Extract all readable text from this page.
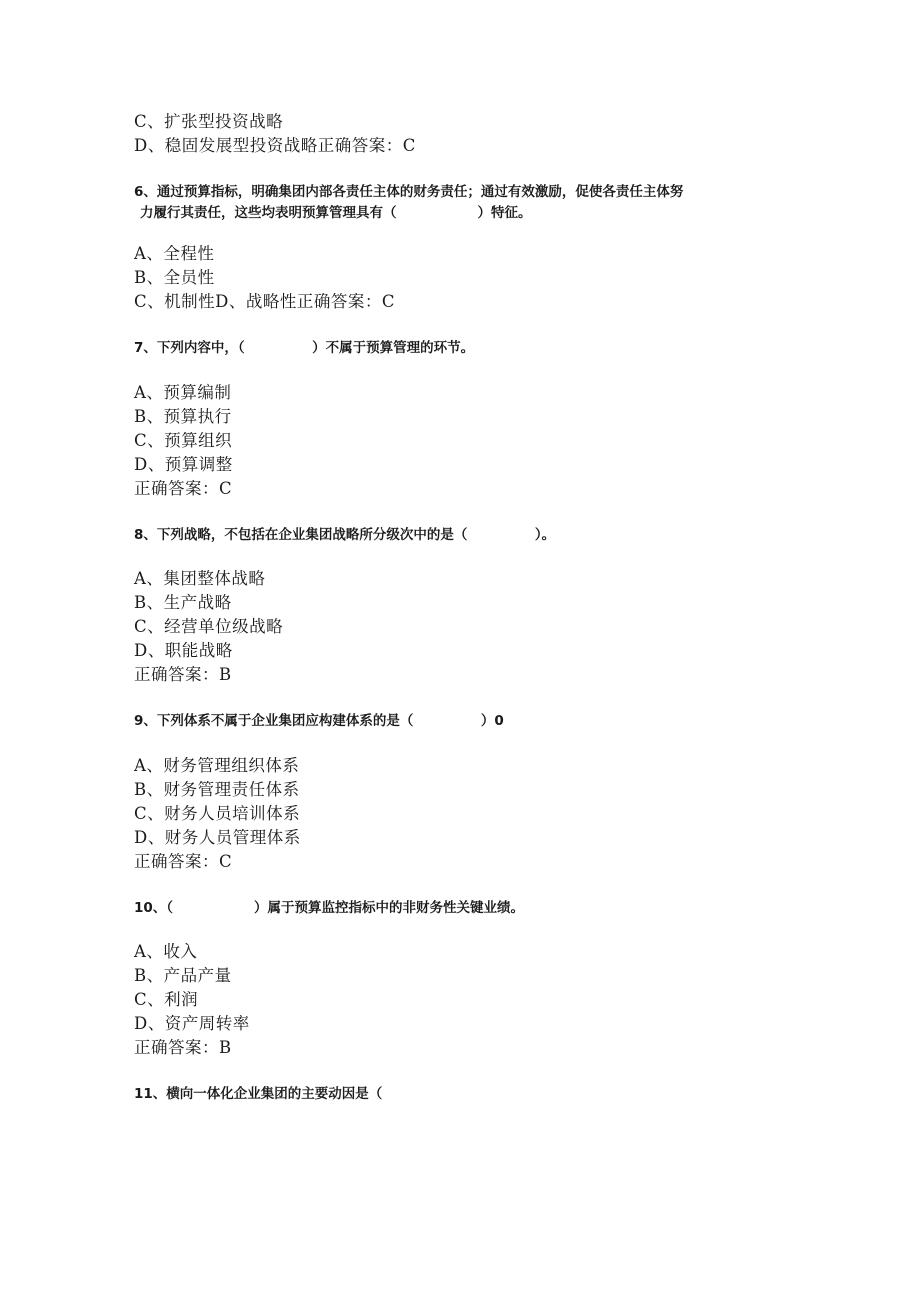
C、扩张型投资战略
D、稳固发展型投资战略正确答案：C
6、通过预算指标，明确集团内部各责任主体的财务责任；通过有效激励，促使各责任主体努
力履行其责任，这些均表明预算管理具有（　　　　　　）特征。
A、全程性
B、全员性
C、机制性D、战略性正确答案：C
7、下列内容中，（　　　　　）不属于预算管理的环节。
A、预算编制
B、预算执行
C、预算组织
D、预算调整
正确答案：C
8、下列战略，不包括在企业集团战略所分级次中的是（　　　　　）。
A、集团整体战略
B、生产战略
C、经营单位级战略
D、职能战略
正确答案：B
9、下列体系不属于企业集团应构建体系的是（　　　　　）0
A、财务管理组织体系
B、财务管理责任体系
C、财务人员培训体系
D、财务人员管理体系
正确答案：C
10、（　　　　　　）属于预算监控指标中的非财务性关键业绩。
A、收入
B、产品产量
C、利润
D、资产周转率
正确答案：B
11、横向一体化企业集团的主要动因是（
